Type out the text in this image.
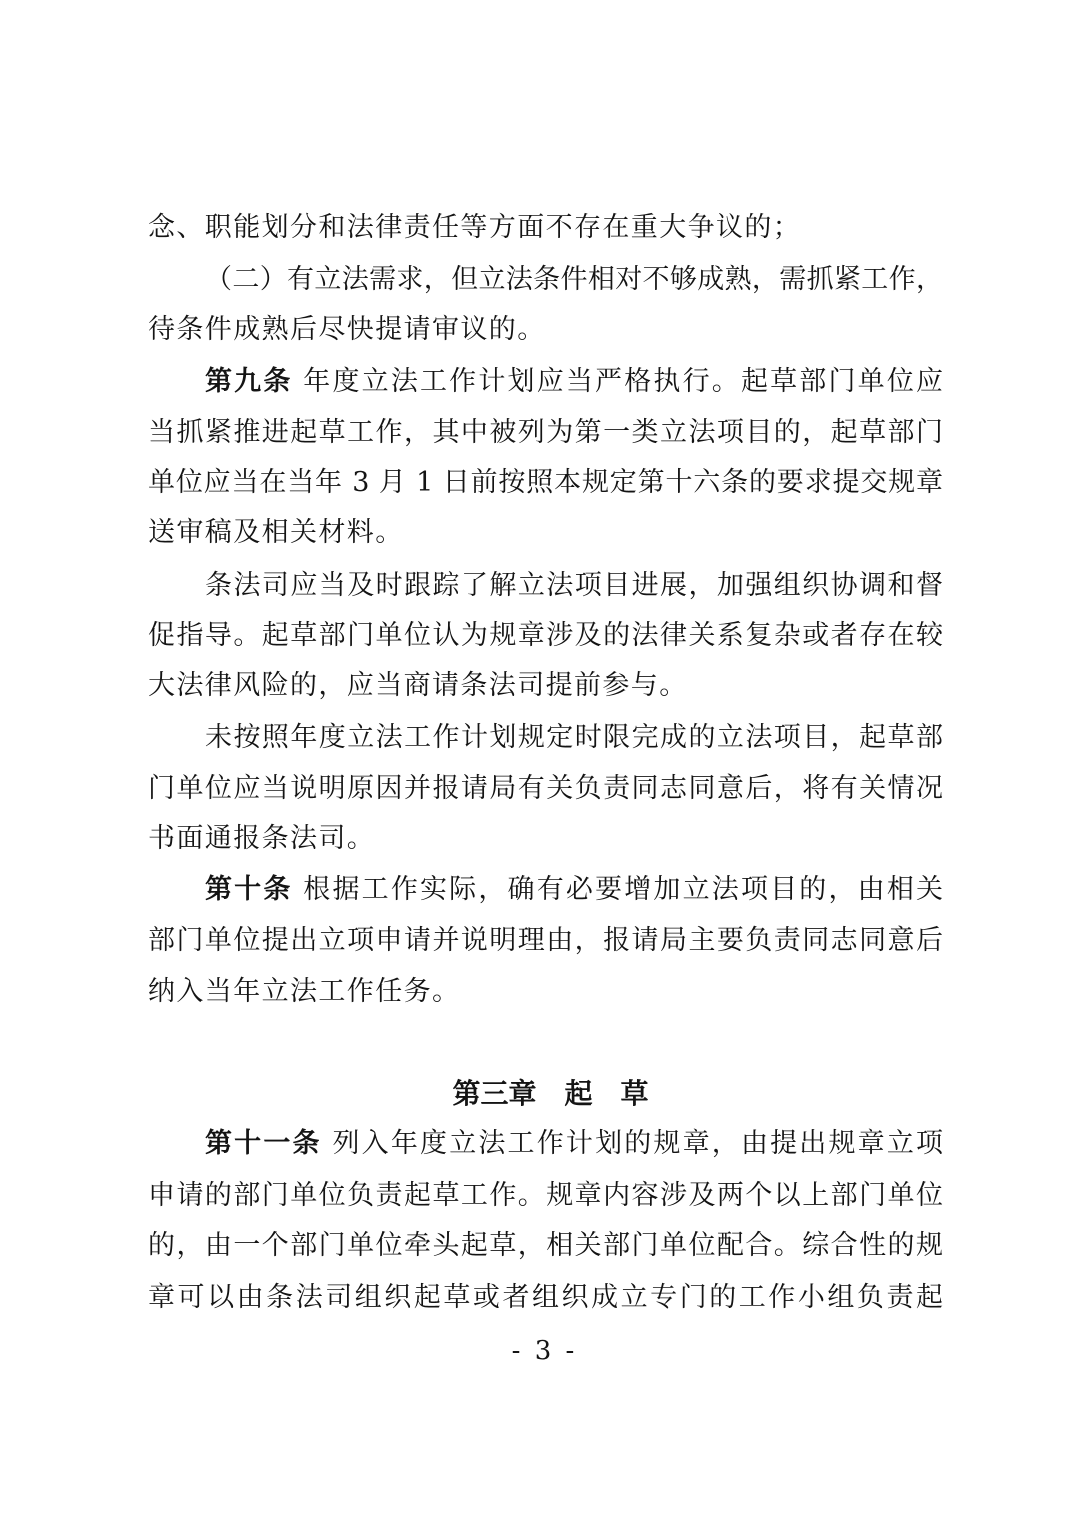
念、职能划分和法律责任等方面不存在重大争议的；
（二）有立法需求，但立法条件相对不够成熟，需抓紧工作，
待条件成熟后尽快提请审议的。
第九条 年度立法工作计划应当严格执行。起草部门单位应
当抓紧推进起草工作，其中被列为第一类立法项目的，起草部门
单位应当在当年 3 月 1 日前按照本规定第十六条的要求提交规章
送审稿及相关材料。
条法司应当及时跟踪了解立法项目进展，加强组织协调和督
促指导。起草部门单位认为规章涉及的法律关系复杂或者存在较
大法律风险的，应当商请条法司提前参与。
未按照年度立法工作计划规定时限完成的立法项目，起草部
门单位应当说明原因并报请局有关负责同志同意后，将有关情况
书面通报条法司。
第十条 根据工作实际，确有必要增加立法项目的，由相关
部门单位提出立项申请并说明理由，报请局主要负责同志同意后
纳入当年立法工作任务。
第三章　起　草
第十一条 列入年度立法工作计划的规章，由提出规章立项
申请的部门单位负责起草工作。规章内容涉及两个以上部门单位
的，由一个部门单位牵头起草，相关部门单位配合。综合性的规
章可以由条法司组织起草或者组织成立专门的工作小组负责起
- 3 -
